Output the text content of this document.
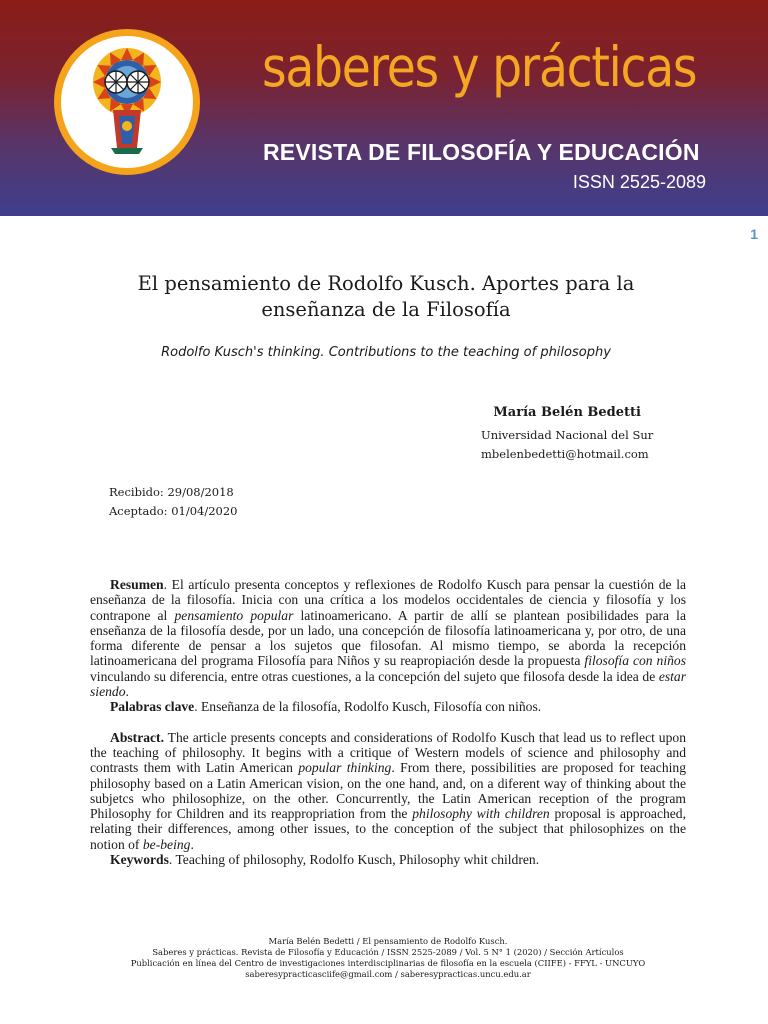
saberes y prácticas
REVISTA DE FILOSOFÍA Y EDUCACIÓN
ISSN 2525-2089
1
El pensamiento de Rodolfo Kusch. Aportes para la enseñanza de la Filosofía
Rodolfo Kusch's thinking. Contributions to the teaching of philosophy
María Belén Bedetti
Universidad Nacional del Sur
mbelenbedetti@hotmail.com
Recibido: 29/08/2018
Aceptado: 01/04/2020

Resumen. El artículo presenta conceptos y reflexiones de Rodolfo Kusch para pensar la cuestión de la enseñanza de la filosofía. Inicia con una crítica a los modelos occidentales de ciencia y filosofía y los contrapone al pensamiento popular latinoamericano. A partir de allí se plantean posibilidades para la enseñanza de la filosofía desde, por un lado, una concepción de filosofía latinoamericana y, por otro, de una forma diferente de pensar a los sujetos que filosofan. Al mismo tiempo, se aborda la recepción latinoamericana del programa Filosofía para Niños y su reapropiación desde la propuesta filosofía con niños vinculando su diferencia, entre otras cuestiones, a la concepción del sujeto que filosofa desde la idea de estar siendo.

Palabras clave. Enseñanza de la filosofía, Rodolfo Kusch, Filosofía con niños.

Abstract. The article presents concepts and considerations of Rodolfo Kusch that lead us to reflect upon the teaching of philosophy. It begins with a critique of Western models of science and philosophy and contrasts them with Latin American popular thinking. From there, possibilities are proposed for teaching philosophy based on a Latin American vision, on the one hand, and, on a diferent way of thinking about the subjetcs who philosophize, on the other. Concurrently, the Latin American reception of the program Philosophy for Children and its reappropriation from the philosophy with children proposal is approached, relating their differences, among other issues, to the conception of the subject that philosophizes on the notion of be-being.

Keywords. Teaching of philosophy, Rodolfo Kusch, Philosophy whit children.

María Belén Bedetti / El pensamiento de Rodolfo Kusch.
Saberes y prácticas. Revista de Filosofía y Educación / ISSN 2525-2089 / Vol. 5 N° 1 (2020) / Sección Artículos
Publicación en línea del Centro de investigaciones interdisciplinarias de filosofía en la escuela (CIIFE) - FFYL - UNCUYO
saberesypracticasciife@gmail.com / saberesypracticas.uncu.edu.ar
